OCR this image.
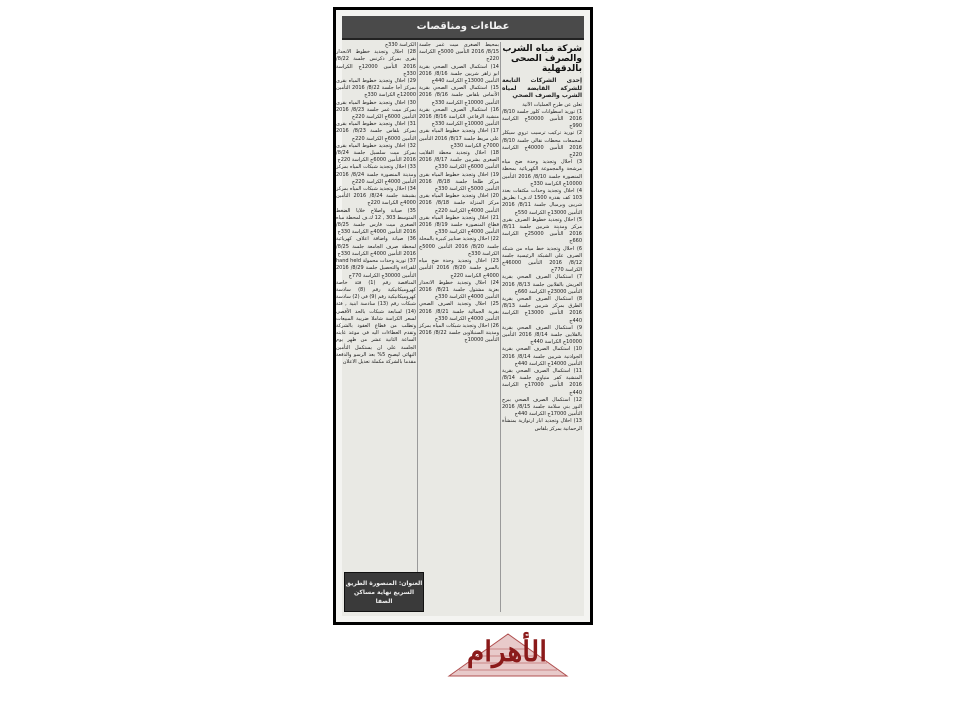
عطاءات ومناقصات
شركة مياه الشرب والصرف الصحى بالدقهلية
إحدى الشركات التابعة للشركة القابضة لمياه الشرب والصرف الصحي

تعلن عن طرح العمليات الآتية

1) توريد اسطوانات كلور جلسة 8/10/ 2016 التأمين 50000ج الكراسة 990ج

2) توريد تركيب ترسيب ثروي سيكلر لمجمعات محطات نقالى جلسة 8/10/ 2016 التأمين 40000ج الكراسة 220ج

3) احلال وتجديد وحدة ضخ مياه مرشحة والمجموعة الكهربائية بمحطة المنصورة جلسة 8/10/ 2016 التأمين 10000ج الكراسة 330ج

4) احلال وتجديد وحدات مكثفات بعدد 103 كف بقدرة 1500 ك.ف.ا بطريق شربين وبرمبال جلسة 8/11/ 2016 التأمين 13000ج الكراسة 550ج

5) احلال وتجديد خطوط الصرف بقرى مركز ومدينة شربين جلسة 8/11/ 2016 التأمين 25000ج الكراسة 660ج

6) احلال وتجديد خط مياه من شبكة الصرف على الشبكة الرئيسية جلسة 8/12/ 2016 التأمين 46000ج الكراسة 770ج

7) استكمال الصرف الصحي بقرية العريش بالقلابين جلسة 8/13/ 2016 التأمين 23000ج الكراسة 660ج

8) استكمال الصرف الصحي بقرية الطرق بمركز شربين جلسة 8/13/ 2016 التأمين 13000ج الكراسة 440ج

9) استكمال الصرف الصحي بقرية بالقلابين جلسة 8/14/ 2016 التأمين 10000ج الكراسة 440ج

10) استكمال الصرف الصحي بقرية الجوادنية شربين جلسة 8/14/ 2016 التأمين 14000ج الكراسة 440ج

11) استكمال الصرف الصحي بقرية المنشية كفر منياوي جلسة 8/14/ 2016 التأمين 17000ج الكراسة 440ج

12) استكمال الصرف الصحي ببرج النور بني سلامة جلسة 8/15/ 2016 التأمين 17000ج الكراسة 440ج

13) احلال وتجديد ابار ارتوازية بمنشأة الرحمانية بمركز بلقاس

بمحيط الصغرى ميت غمر جلسة 8/15/ 2016 التأمين 5000ج الكراسة 220ج

14) استكمال الصرف الصحي بقرية ابو زاهر شربين جلسة 8/16/ 2016 التأمين 13000ج الكراسة 440ج

15) استكمال الصرف الصحي بقرية الأتماس بلقاس جلسة 8/16/ 2016 التأمين 10000ج الكراسة 330ج

16) استكمال الصرف الصحي بقرية منشية الرفاعي الكراسة 8/16/ 2016 التأمين 10000ج الكراسة 330ج

17) احلال وتجديد خطوط المياه بقرى على مريط جلسة 8/17/ 2016 التأمين 7000ج الكراسة 330ج

18) احلال وتجديد محطة القلايب الصغرى بشربين جلسة 8/17/ 2016 التأمين 6000ج الكراسة 330ج

19) احلال وتجديد خطوط المياه بقرى مركز طلخا جلسة 8/18/ 2016 التأمين 5000ج الكراسة 330ج

20) احلال وتجديد خطوط المياه بقرى مركز المنزلة جلسة 8/18/ 2016 التأمين 4000ج الكراسة 220ج

21) احلال وتجديد خطوط المياه بقرى قطاع المنصورة جلسة 8/19/ 2016 التأمين 4000ج الكراسة 330ج

22) احلال وتجديد صنابير كبيرة بالمحلة جلسة 8/20/ 2016 التأمين 5000ج الكراسة 330ج

23) احلال وتجديد وحدة ضخ مياه بالسرو جلسة 8/20/ 2016 التأمين 4000ج الكراسة 220ج

24) احلال وتجديد خطوط الانحدار بعزبة مشتول جلسة 8/21/ 2016 التأمين 4000ج الكراسة 330ج

25) احلال وتجديد الصرف الصحي بقرية الجمالية جلسة 8/21/ 2016 التأمين 4000ج الكراسة 330ج

26) احلال وتجديد شبكات المياه بمركز ومدينة السنبلاوين جلسة 8/22/ 2016 التأمين 10000ج

الكراسة 330ج

28) احلال وتجديد خطوط الانحدار بقرى بمركز دكرنس جلسة 8/22/ 2016 التأمين 12000ج الكراسة 330ج

29) احلال وتجديد خطوط المياه بقرى بمركز أجا جلسة 8/22/ 2016 التأمين 12000ج الكراسة 330ج

30) احلال وتجديد خطوط المياه بقرى بمركز ميت غمر جلسة 8/23/ 2016 التأمين 6000ج الكراسة 220ج

31) احلال وتجديد خطوط المياه بقرى بمركز بلقاس جلسة 8/23/ 2016 التأمين 6000ج الكراسة 220ج

32) احلال وتجديد خطوط المياه بقرى بمركز ميت سلسيل جلسة 8/24/ 2016 التأمين 6000ج الكراسة 220ج

33) احلال وتجديد شبكات المياه بمركز ومدينة المنصورة جلسة 8/24/ 2016 التأمين 4000ج الكراسة 220ج

34) احلال وتجديد شبكات المياه بمركز بشبشة جلسة 8/24/ 2016 التأمين 4000ج الكراسة 220ج

35) صيانة واصلاح خلايا الضغط المتوسط 303 , 12 ك.ف لمحطة مياه الصغرى ميت فارس جلسة 8/25/ 2016 التأمين 4000ج الكراسة 330ج

36) صيانة واضافة اعلاف كهربائية لمحطة صرف الجامعة جلسة 8/25/ 2016 التأمين 4000ج الكراسة 330ج

37) توريد وحدات محمولة hand held للقراءة والتحصيل جلسة 8/29/ 2016 التأمين 30000ج الكراسة 770ج

المناقصة رقم (1) فئة خاصة كهروميكانيكية رقم (8) سادسة كهروميكانيكية رقم (9) فى (2) سادسة شبكات رقم (13) سادسة ابنية , فئة (14) لسابعة شبكات بالحد الأقصى لسعر الكراسة شاملا ضريبة المبيعات وتطلب من قطاع العقود بالشركة وتقدم العطاءات اليه فى موعد غايته الساعة الثانية عشر من ظهر يوم الجلسة على ان يستكمل التأمين النهائى ليصبح 5% بعد الرسو والدفعة مقدما بالشركة مكملة تعديل الاعلان

العنوان: المنصورة الطريق السريع نهاية مساكن الصفا
الأهرام
